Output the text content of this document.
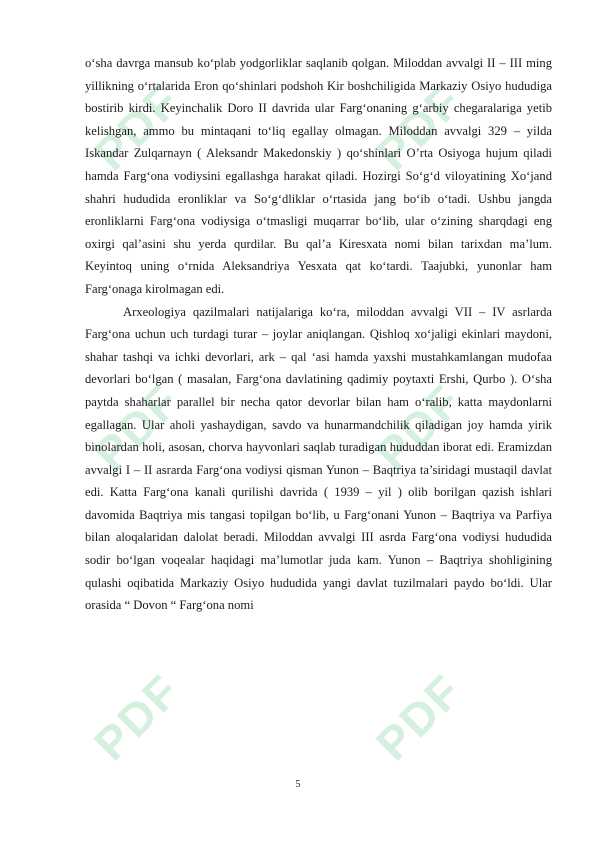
PDF	PDF
PDF	PDF
PDF	PDF

o‘sha davrga mansub ko‘plab yodgorliklar saqlanib qolgan. Miloddan avvalgi II – III ming yillikning o‘rtalarida Eron qo‘shinlari podshoh Kir boshchiligida Markaziy Osiyo hududiga bostirib kirdi. Keyinchalik Doro II davrida ular Farg‘onaning g‘arbiy chegaralariga yetib kelishgan, ammo bu mintaqani to‘liq egallay olmagan. Miloddan avvalgi 329 – yilda Iskandar Zulqarnayn ( Aleksandr Makedonskiy ) qo‘shinlari O’rta Osiyoga hujum qiladi hamda Farg‘ona vodiysini egallashga harakat qiladi. Hozirgi So‘g‘d viloyatining Xo‘jand shahri hududida eronliklar va So‘g‘dliklar o‘rtasida jang bo‘ib o‘tadi. Ushbu jangda eronliklarni Farg‘ona vodiysiga o‘tmasligi muqarrar bo‘lib, ular o‘zining sharqdagi eng oxirgi qal’asini shu yerda qurdilar. Bu qal’a Kiresxata nomi bilan tarixdan ma’lum. Keyintoq uning o‘rnida Aleksandriya Yesxata qat ko‘tardi. Taajubki, yunonlar ham Farg‘onaga kirolmagan edi.

Arxeologiya qazilmalari natijalariga ko‘ra, miloddan avvalgi VII – IV asrlarda Farg‘ona uchun uch turdagi turar – joylar aniqlangan. Qishloq xo‘jaligi ekinlari maydoni, shahar tashqi va ichki devorlari, ark – qal ‘asi hamda yaxshi mustahkamlangan mudofaa devorlari bo‘lgan ( masalan, Farg‘ona davlatining qadimiy poytaxti Ershi, Qurbo ). O‘sha paytda shaharlar parallel bir necha qator devorlar bilan ham o‘ralib, katta maydonlarni egallagan. Ular aholi yashaydigan, savdo va hunarmandchilik qiladigan joy hamda yirik binolardan holi, asosan, chorva hayvonlari saqlab turadigan hududdan iborat edi. Eramizdan avvalgi I – II asrarda Farg‘ona vodiysi qisman Yunon – Baqtriya ta’siridagi mustaqil davlat edi. Katta Farg‘ona kanali qurilishi davrida ( 1939 – yil ) olib borilgan qazish ishlari davomida Baqtriya mis tangasi topilgan bo‘lib, u Farg‘onani Yunon – Baqtriya va Parfiya bilan aloqalaridan dalolat beradi. Miloddan avvalgi III asrda Farg‘ona vodiysi hududida sodir bo‘lgan voqealar haqidagi ma’lumotlar juda kam. Yunon – Baqtriya shohligining qulashi oqibatida Markaziy Osiyo hududida yangi davlat tuzilmalari paydo bo‘ldi. Ular orasida “ Dovon “ Farg‘ona nomi

5
